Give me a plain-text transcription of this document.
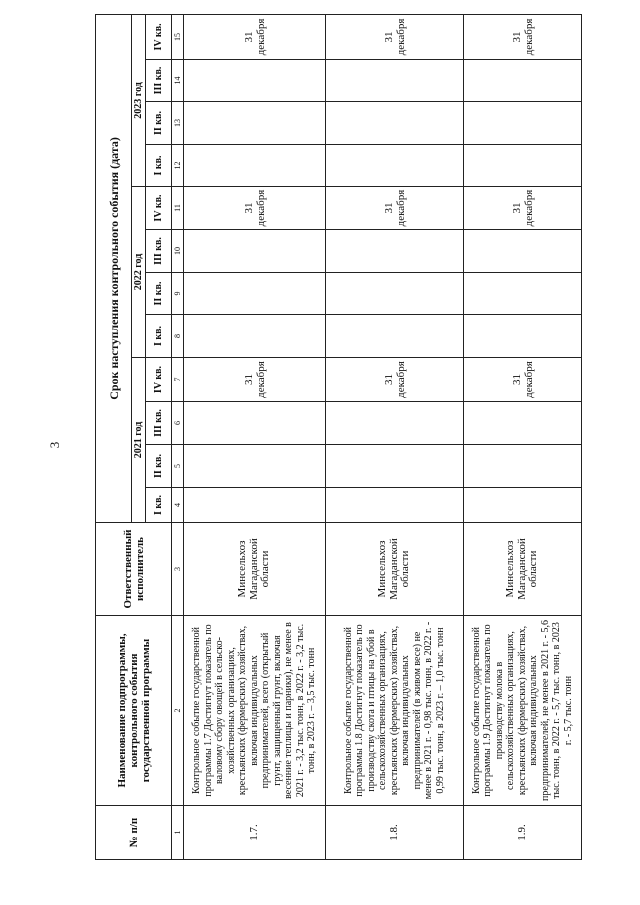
3
№ п/п	Наименование подпрограммы, контрольного события государственной программы	Ответственный исполнитель	Срок наступления контрольного события (дата)											
			2021 год				2022 год				2023 год			
			I кв.	II кв.	III кв.	IV кв.	I кв.	II кв.	III кв.	IV кв.	I кв.	II кв.	III кв.	IV кв.
1	2	3	4	5	6	7	8	9	10	11	12	13	14	15
1.7.	Контрольное событие государственной программы 1.7 Достигнут показатель по валовому сбору овощей в сельско-хозяйственных организациях, крестьянских (фермерских) хозяйствах, включая индивидуальных предпринимателей, всего (открытый грунт, защищенный грунт, включая весенние теплицы и парники), не менее в 2021 г. - 3,2 тыс. тонн, в 2022 г. - 3,2 тыс. тонн, в 2023 г. – 3,5 тыс. тонн	Минсельхоз Магаданской области				31 декабря				31 декабря				31 декабря
1.8.	Контрольное событие государственной программы 1.8 Достигнут показатель по производству скота и птицы на убой в сельскохозяйственных организациях, крестьянских (фермерских) хозяйствах, включая индивидуальных предпринимателей (в живом весе) не менее в 2021 г. - 0,98 тыс. тонн, в 2022 г. - 0,99 тыс. тонн, в 2023 г. – 1,0 тыс. тонн	Минсельхоз Магаданской области				31 декабря				31 декабря				31 декабря
1.9.	Контрольное событие государственной программы 1.9 Достигнут показатель по производству молока в сельскохозяйственных организациях, крестьянских (фермерских) хозяйствах, включая индивидуальных предпринимателей, не менее в 2021 г. - 5,6 тыс. тонн, в 2022 г. - 5,7 тыс. тонн, в 2023 г. - 5,7 тыс. тонн	Минсельхоз Магаданской области				31 декабря				31 декабря				31 декабря
